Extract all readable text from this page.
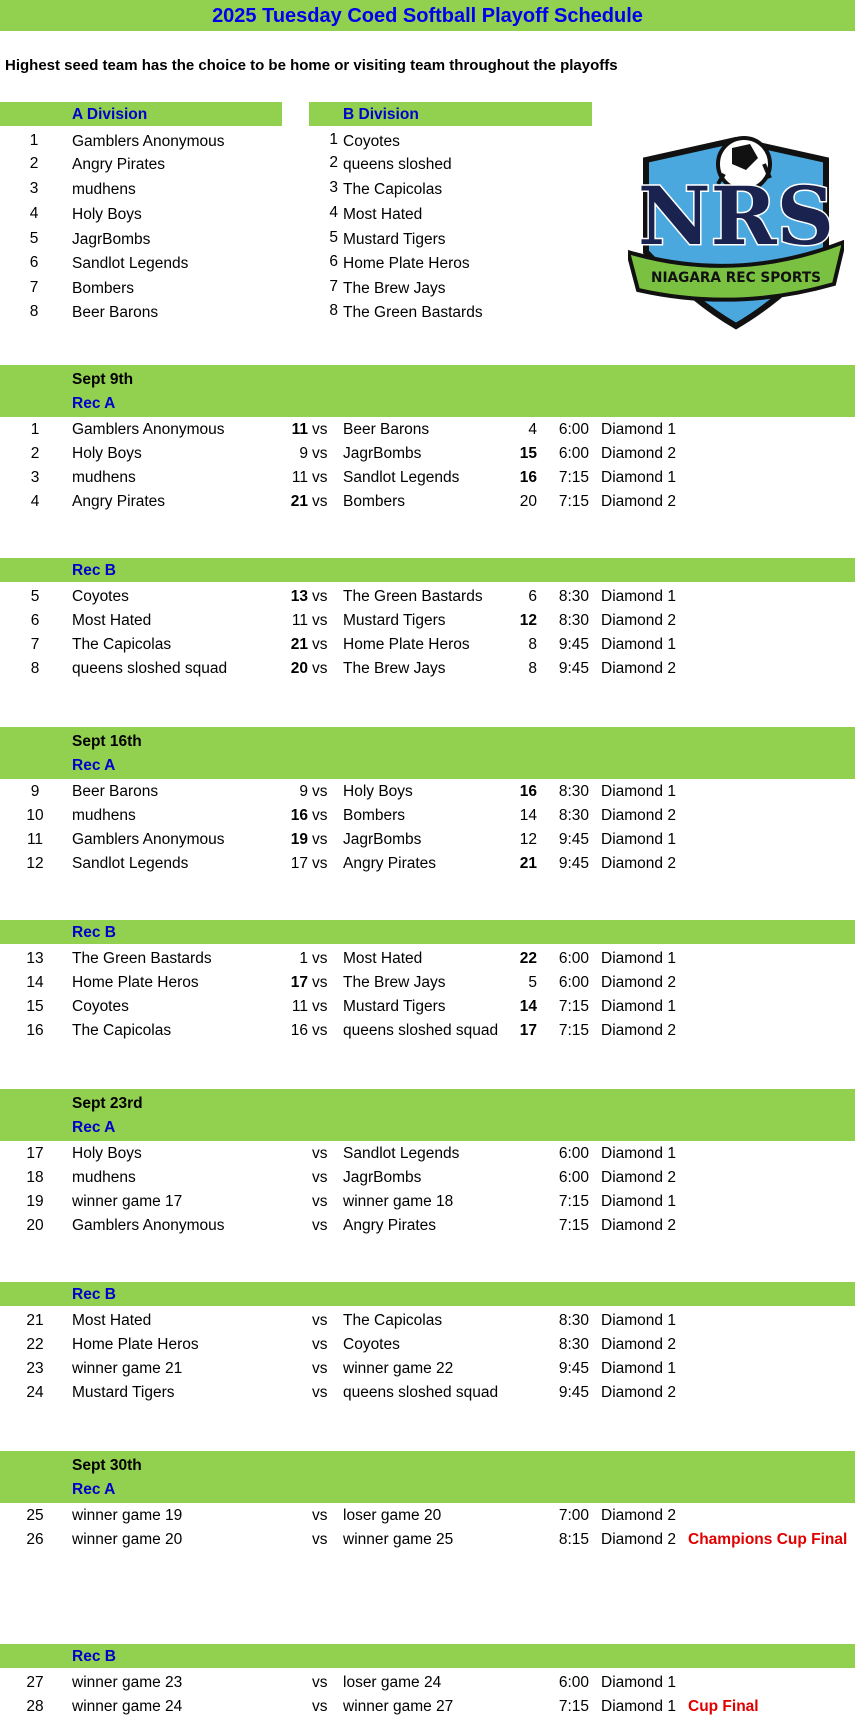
2025 Tuesday Coed Softball Playoff Schedule
Highest seed team has the choice to be home or visiting team throughout the playoffs
A Division	B Division
1	Gamblers Anonymous
2	Angry Pirates
3	mudhens
4	Holy Boys
5	JagrBombs
6	Sandlot Legends
7	Bombers
8	Beer Barons
1 Coyotes
2 queens sloshed
3 The Capicolas
4 Most Hated
5 Mustard Tigers
6 Home Plate Heros
7 The Brew Jays
8 The Green Bastards
NRS
NIAGARA REC SPORTS
Sept 9th
Rec A
1	Gamblers Anonymous	11 vs Beer Barons	4	6:00 Diamond 1
2	Holy Boys	9 vs JagrBombs	15	6:00 Diamond 2
3	mudhens	11 vs Sandlot Legends	16	7:15 Diamond 1
4	Angry Pirates	21 vs Bombers	20	7:15 Diamond 2
Rec B
5	Coyotes	13 vs The Green Bastards	6	8:30 Diamond 1
6	Most Hated	11 vs Mustard Tigers	12	8:30 Diamond 2
7	The Capicolas	21 vs Home Plate Heros	8	9:45 Diamond 1
8	queens sloshed squad	20 vs The Brew Jays	8	9:45 Diamond 2
Sept 16th
Rec A
9	Beer Barons	9 vs Holy Boys	16	8:30 Diamond 1
10	mudhens	16 vs Bombers	14	8:30 Diamond 2
11	Gamblers Anonymous	19 vs JagrBombs	12	9:45 Diamond 1
12	Sandlot Legends	17 vs Angry Pirates	21	9:45 Diamond 2
Rec B
13	The Green Bastards	1 vs Most Hated	22	6:00 Diamond 1
14	Home Plate Heros	17 vs The Brew Jays	5	6:00 Diamond 2
15	Coyotes	11 vs Mustard Tigers	14	7:15 Diamond 1
16	The Capicolas	16 vs queens sloshed squad	17	7:15 Diamond 2
Sept 23rd
Rec A
17	Holy Boys	vs Sandlot Legends	6:00 Diamond 1
18	mudhens	vs JagrBombs	6:00 Diamond 2
19	winner game 17	vs winner game 18	7:15 Diamond 1
20	Gamblers Anonymous	vs Angry Pirates	7:15 Diamond 2
Rec B
21	Most Hated	vs The Capicolas	8:30 Diamond 1
22	Home Plate Heros	vs Coyotes	8:30 Diamond 2
23	winner game 21	vs winner game 22	9:45 Diamond 1
24	Mustard Tigers	vs queens sloshed squad	9:45 Diamond 2
Sept 30th
Rec A
25	winner game 19	vs loser game 20	7:00 Diamond 2
26	winner game 20	vs winner game 25	8:15 Diamond 2 Champions Cup Final
Rec B
27	winner game 23	vs loser game 24	6:00 Diamond 1
28	winner game 24	vs winner game 27	7:15 Diamond 1 Cup Final
